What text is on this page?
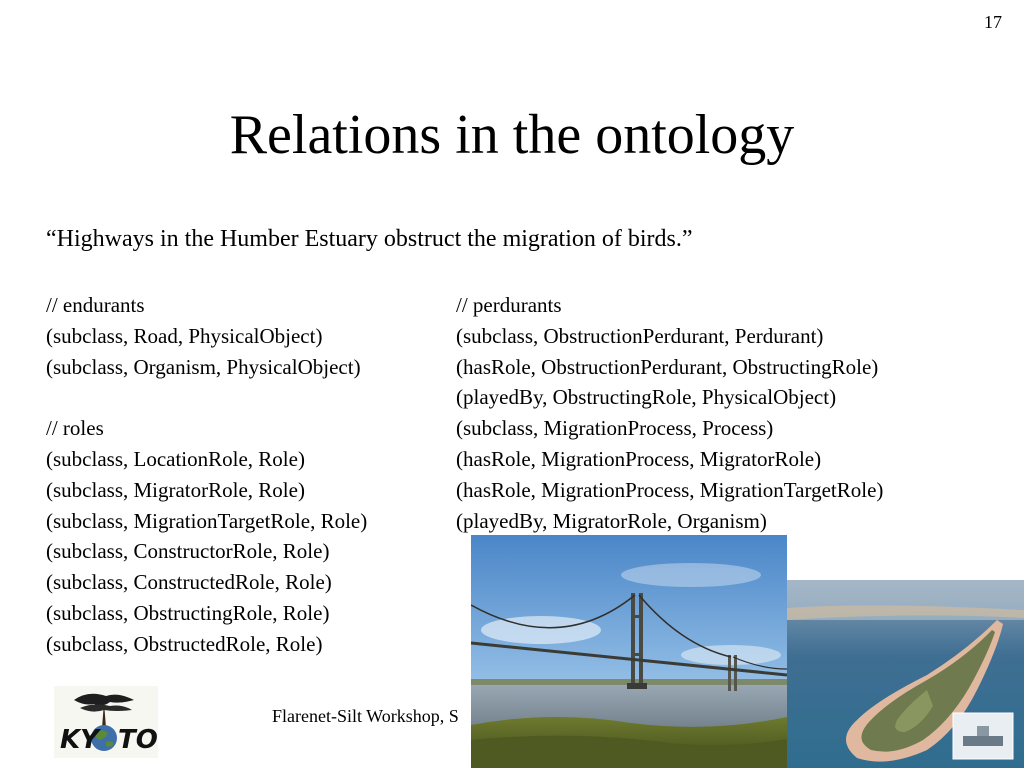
17
Relations in the ontology
“Highways in the Humber Estuary obstruct the migration of birds.”
// endurants
(subclass, Road, PhysicalObject)
(subclass, Organism, PhysicalObject)
// roles
(subclass, LocationRole, Role)
(subclass, MigratorRole, Role)
(subclass, MigrationTargetRole, Role)
(subclass, ConstructorRole, Role)
(subclass, ConstructedRole, Role)
(subclass, ObstructingRole, Role)
(subclass, ObstructedRole, Role)
// perdurants
(subclass, ObstructionPerdurant, Perdurant)
(hasRole, ObstructionPerdurant, ObstructingRole)
(playedBy, ObstructingRole, PhysicalObject)
(subclass, MigrationProcess, Process)
(hasRole, MigrationProcess, MigratorRole)
(hasRole, MigrationProcess, MigrationTargetRole)
(playedBy, MigratorRole, Organism)
KY TO
Flarenet-Silt Workshop, S
